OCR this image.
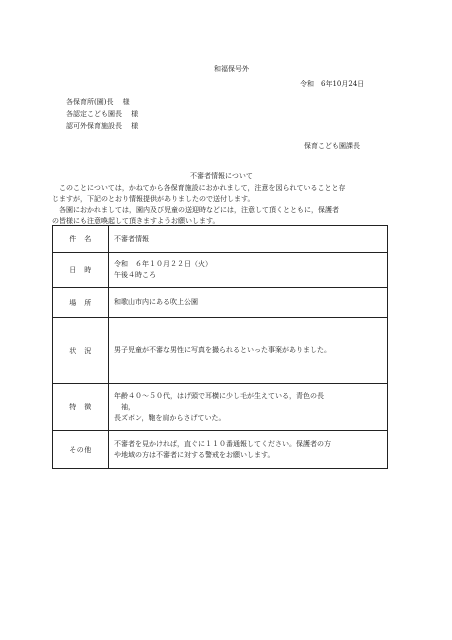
和福保号外
令和　6年10月24日
各保育所(園)長　 様
各認定こども園長 　様
認可外保育施設長　 様
保育こども園課長
不審者情報について
このことについては，かねてから各保育施設におかれまして，注意を図られていることと存
じますが，下記のとおり情報提供がありましたので送付します。
各園におかれましては，園内及び児童の送迎時などには，注意して頂くとともに，保護者
の皆様にも注意喚起して頂きますようお願いします。
件　名	不審者情報

日　時	令和　６年１０月２２日（火）
午後４時ころ

場　所	和歌山市内にある吹上公園

状　況	男子児童が不審な男性に写真を撮られるといった事案がありました。

特　徴	年齢４０～５０代，はげ頭で耳横に少し毛が生えている，青色の長
　袖，
長ズボン，鞄を肩からさげていた。

その他	不審者を見かければ，直ぐに１１０番通報してください。保護者の方
や地域の方は不審者に対する警戒をお願いします。
